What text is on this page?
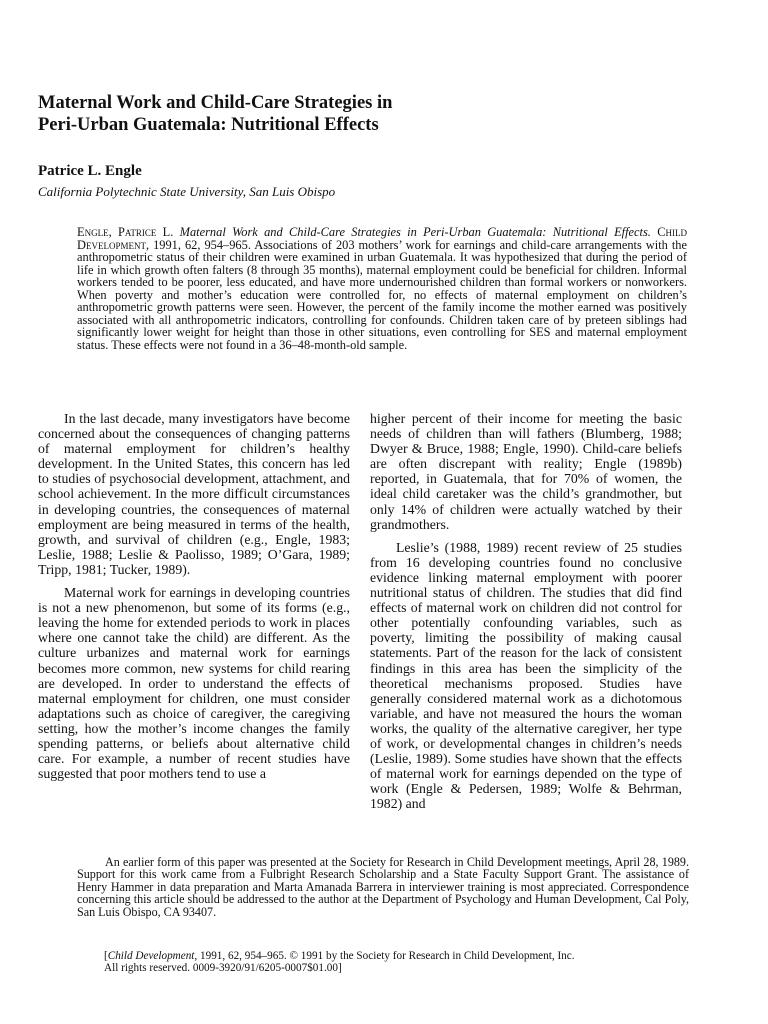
Maternal Work and Child-Care Strategies in
Peri-Urban Guatemala: Nutritional Effects

Patrice L. Engle

California Polytechnic State University, San Luis Obispo

Engle, Patrice L. Maternal Work and Child-Care Strategies in Peri-Urban Guatemala: Nutritional Effects. Child Development, 1991, 62, 954–965. Associations of 203 mothers’ work for earnings and child-care arrangements with the anthropometric status of their children were examined in urban Guatemala. It was hypothesized that during the period of life in which growth often falters (8 through 35 months), maternal employment could be beneficial for children. Informal workers tended to be poorer, less educated, and have more undernourished children than formal workers or nonworkers. When poverty and mother’s education were controlled for, no effects of maternal employment on children’s anthropometric growth patterns were seen. However, the percent of the family income the mother earned was positively associated with all anthropometric indicators, controlling for confounds. Children taken care of by preteen siblings had significantly lower weight for height than those in other situations, even controlling for SES and maternal employment status. These effects were not found in a 36–48-month-old sample.

In the last decade, many investigators have become concerned about the consequences of changing patterns of maternal employment for children’s healthy development. In the United States, this concern has led to studies of psychosocial development, attachment, and school achievement. In the more difficult circumstances in developing countries, the consequences of maternal employment are being measured in terms of the health, growth, and survival of children (e.g., Engle, 1983; Leslie, 1988; Leslie & Paolisso, 1989; O’Gara, 1989; Tripp, 1981; Tucker, 1989).

Maternal work for earnings in developing countries is not a new phenomenon, but some of its forms (e.g., leaving the home for extended periods to work in places where one cannot take the child) are different. As the culture urbanizes and maternal work for earnings becomes more common, new systems for child rearing are developed. In order to understand the effects of maternal employment for children, one must consider adaptations such as choice of caregiver, the caregiving setting, how the mother’s income changes the family spending patterns, or beliefs about alternative child care. For example, a number of recent studies have suggested that poor mothers tend to use a

higher percent of their income for meeting the basic needs of children than will fathers (Blumberg, 1988; Dwyer & Bruce, 1988; Engle, 1990). Child-care beliefs are often discrepant with reality; Engle (1989b) reported, in Guatemala, that for 70% of women, the ideal child caretaker was the child’s grandmother, but only 14% of children were actually watched by their grandmothers.

Leslie’s (1988, 1989) recent review of 25 studies from 16 developing countries found no conclusive evidence linking maternal employment with poorer nutritional status of children. The studies that did find effects of maternal work on children did not control for other potentially confounding variables, such as poverty, limiting the possibility of making causal statements. Part of the reason for the lack of consistent findings in this area has been the simplicity of the theoretical mechanisms proposed. Studies have generally considered maternal work as a dichotomous variable, and have not measured the hours the woman works, the quality of the alternative caregiver, her type of work, or developmental changes in children’s needs (Leslie, 1989). Some studies have shown that the effects of maternal work for earnings depended on the type of work (Engle & Pedersen, 1989; Wolfe & Behrman, 1982) and

An earlier form of this paper was presented at the Society for Research in Child Development meetings, April 28, 1989. Support for this work came from a Fulbright Research Scholarship and a State Faculty Support Grant. The assistance of Henry Hammer in data preparation and Marta Amanada Barrera in interviewer training is most appreciated. Correspondence concerning this article should be addressed to the author at the Department of Psychology and Human Development, Cal Poly, San Luis Obispo, CA 93407.

[Child Development, 1991, 62, 954–965. © 1991 by the Society for Research in Child Development, Inc.
All rights reserved. 0009-3920/91/6205-0007$01.00]
